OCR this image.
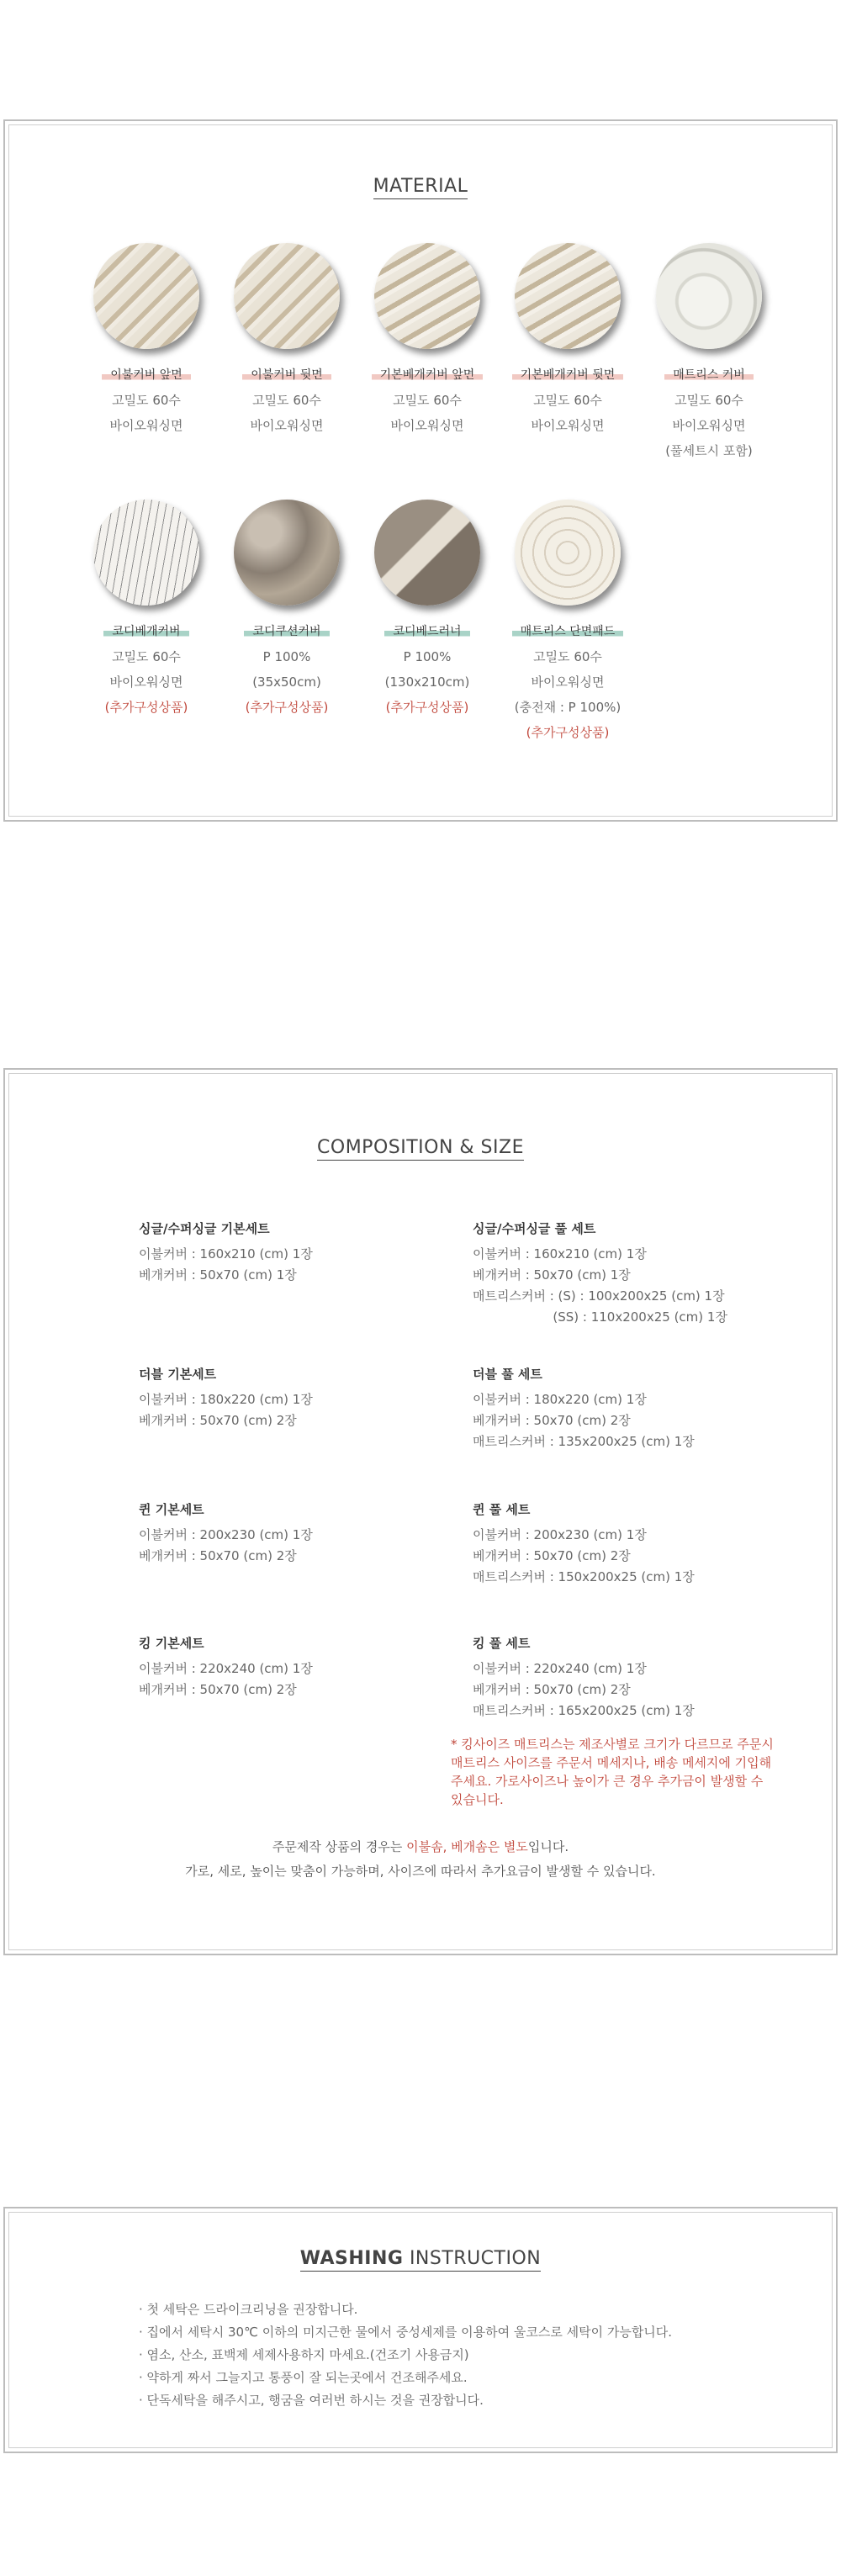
MATERIAL
이불커버 앞면
고밀도 60수
바이오워싱면
이불커버 뒷면
고밀도 60수
바이오워싱면
기본베개커버 앞면
고밀도 60수
바이오워싱면
기본베개커버 뒷면
고밀도 60수
바이오워싱면
매트리스 커버
고밀도 60수
바이오워싱면
(풀세트시 포함)
코디베개커버
고밀도 60수
바이오워싱면
(추가구성상품)
코디쿠션커버
P 100%
(35x50cm)
(추가구성상품)
코디베드러너
P 100%
(130x210cm)
(추가구성상품)
매트리스 단면패드
고밀도 60수
바이오워싱면
(충전재 : P 100%)
(추가구성상품)
COMPOSITION & SIZE
싱글/수퍼싱글 기본세트
이불커버 : 160x210 (cm) 1장
베개커버 : 50x70 (cm) 1장
싱글/수퍼싱글 풀 세트
이불커버 : 160x210 (cm) 1장
베개커버 : 50x70 (cm) 1장
매트리스커버 : (S) : 100x200x25 (cm) 1장
(SS) : 110x200x25 (cm) 1장
더블 기본세트
이불커버 : 180x220 (cm) 1장
베개커버 : 50x70 (cm) 2장
더블 풀 세트
이불커버 : 180x220 (cm) 1장
베개커버 : 50x70 (cm) 2장
매트리스커버 : 135x200x25 (cm) 1장
퀸 기본세트
이불커버 : 200x230 (cm) 1장
베개커버 : 50x70 (cm) 2장
퀸 풀 세트
이불커버 : 200x230 (cm) 1장
베개커버 : 50x70 (cm) 2장
매트리스커버 : 150x200x25 (cm) 1장
킹 기본세트
이불커버 : 220x240 (cm) 1장
베개커버 : 50x70 (cm) 2장
킹 풀 세트
이불커버 : 220x240 (cm) 1장
베개커버 : 50x70 (cm) 2장
매트리스커버 : 165x200x25 (cm) 1장
* 킹사이즈 매트리스는 제조사별로 크기가 다르므로 주문시 매트리스 사이즈를 주문서 메세지나, 배송 메세지에 기입해주세요. 가로사이즈나 높이가 큰 경우 추가금이 발생할 수 있습니다.
주문제작 상품의 경우는 이불솜, 베개솜은 별도입니다.
가로, 세로, 높이는 맞춤이 가능하며, 사이즈에 따라서 추가요금이 발생할 수 있습니다.
WASHING INSTRUCTION
· 첫 세탁은 드라이크리닝을 권장합니다.
· 집에서 세탁시 30℃ 이하의 미지근한 물에서 중성세제를 이용하여 울코스로 세탁이 가능합니다.
· 염소, 산소, 표백제 세제사용하지 마세요.(건조기 사용금지)
· 약하게 짜서 그늘지고 통풍이 잘 되는곳에서 건조해주세요.
· 단독세탁을 해주시고, 행굼을 여러번 하시는 것을 권장합니다.
